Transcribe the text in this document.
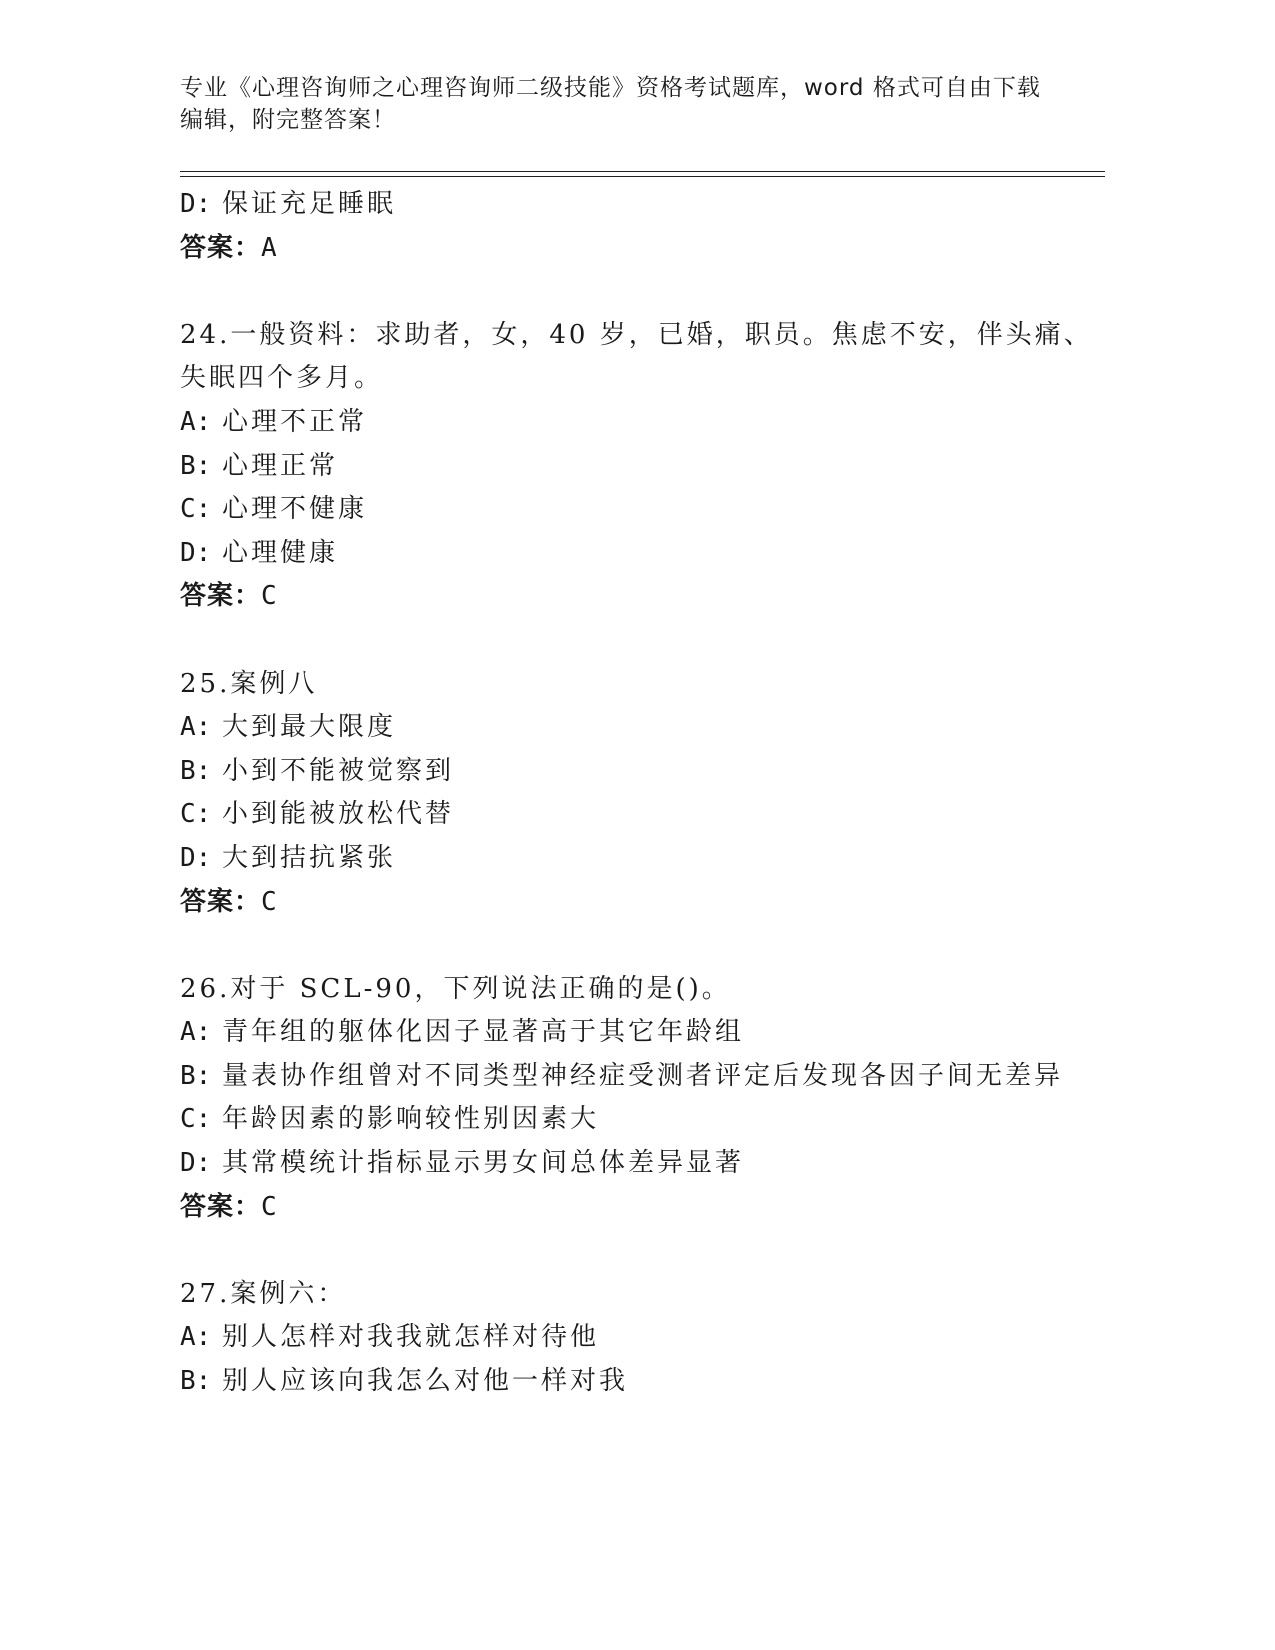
专业《心理咨询师之心理咨询师二级技能》资格考试题库，word 格式可自由下载
编辑，附完整答案！
D: 保证充足睡眠
答案：A
24.一般资料：求助者，女，40 岁，已婚，职员。焦虑不安，伴头痛、
失眠四个多月。
A: 心理不正常
B: 心理正常
C: 心理不健康
D: 心理健康
答案：C
25.案例八
A: 大到最大限度
B: 小到不能被觉察到
C: 小到能被放松代替
D: 大到拮抗紧张
答案：C
26.对于 SCL-90，下列说法正确的是()。
A: 青年组的躯体化因子显著高于其它年龄组
B: 量表协作组曾对不同类型神经症受测者评定后发现各因子间无差异
C: 年龄因素的影响较性别因素大
D: 其常模统计指标显示男女间总体差异显著
答案：C
27.案例六：
A: 别人怎样对我我就怎样对待他
B: 别人应该向我怎么对他一样对我
